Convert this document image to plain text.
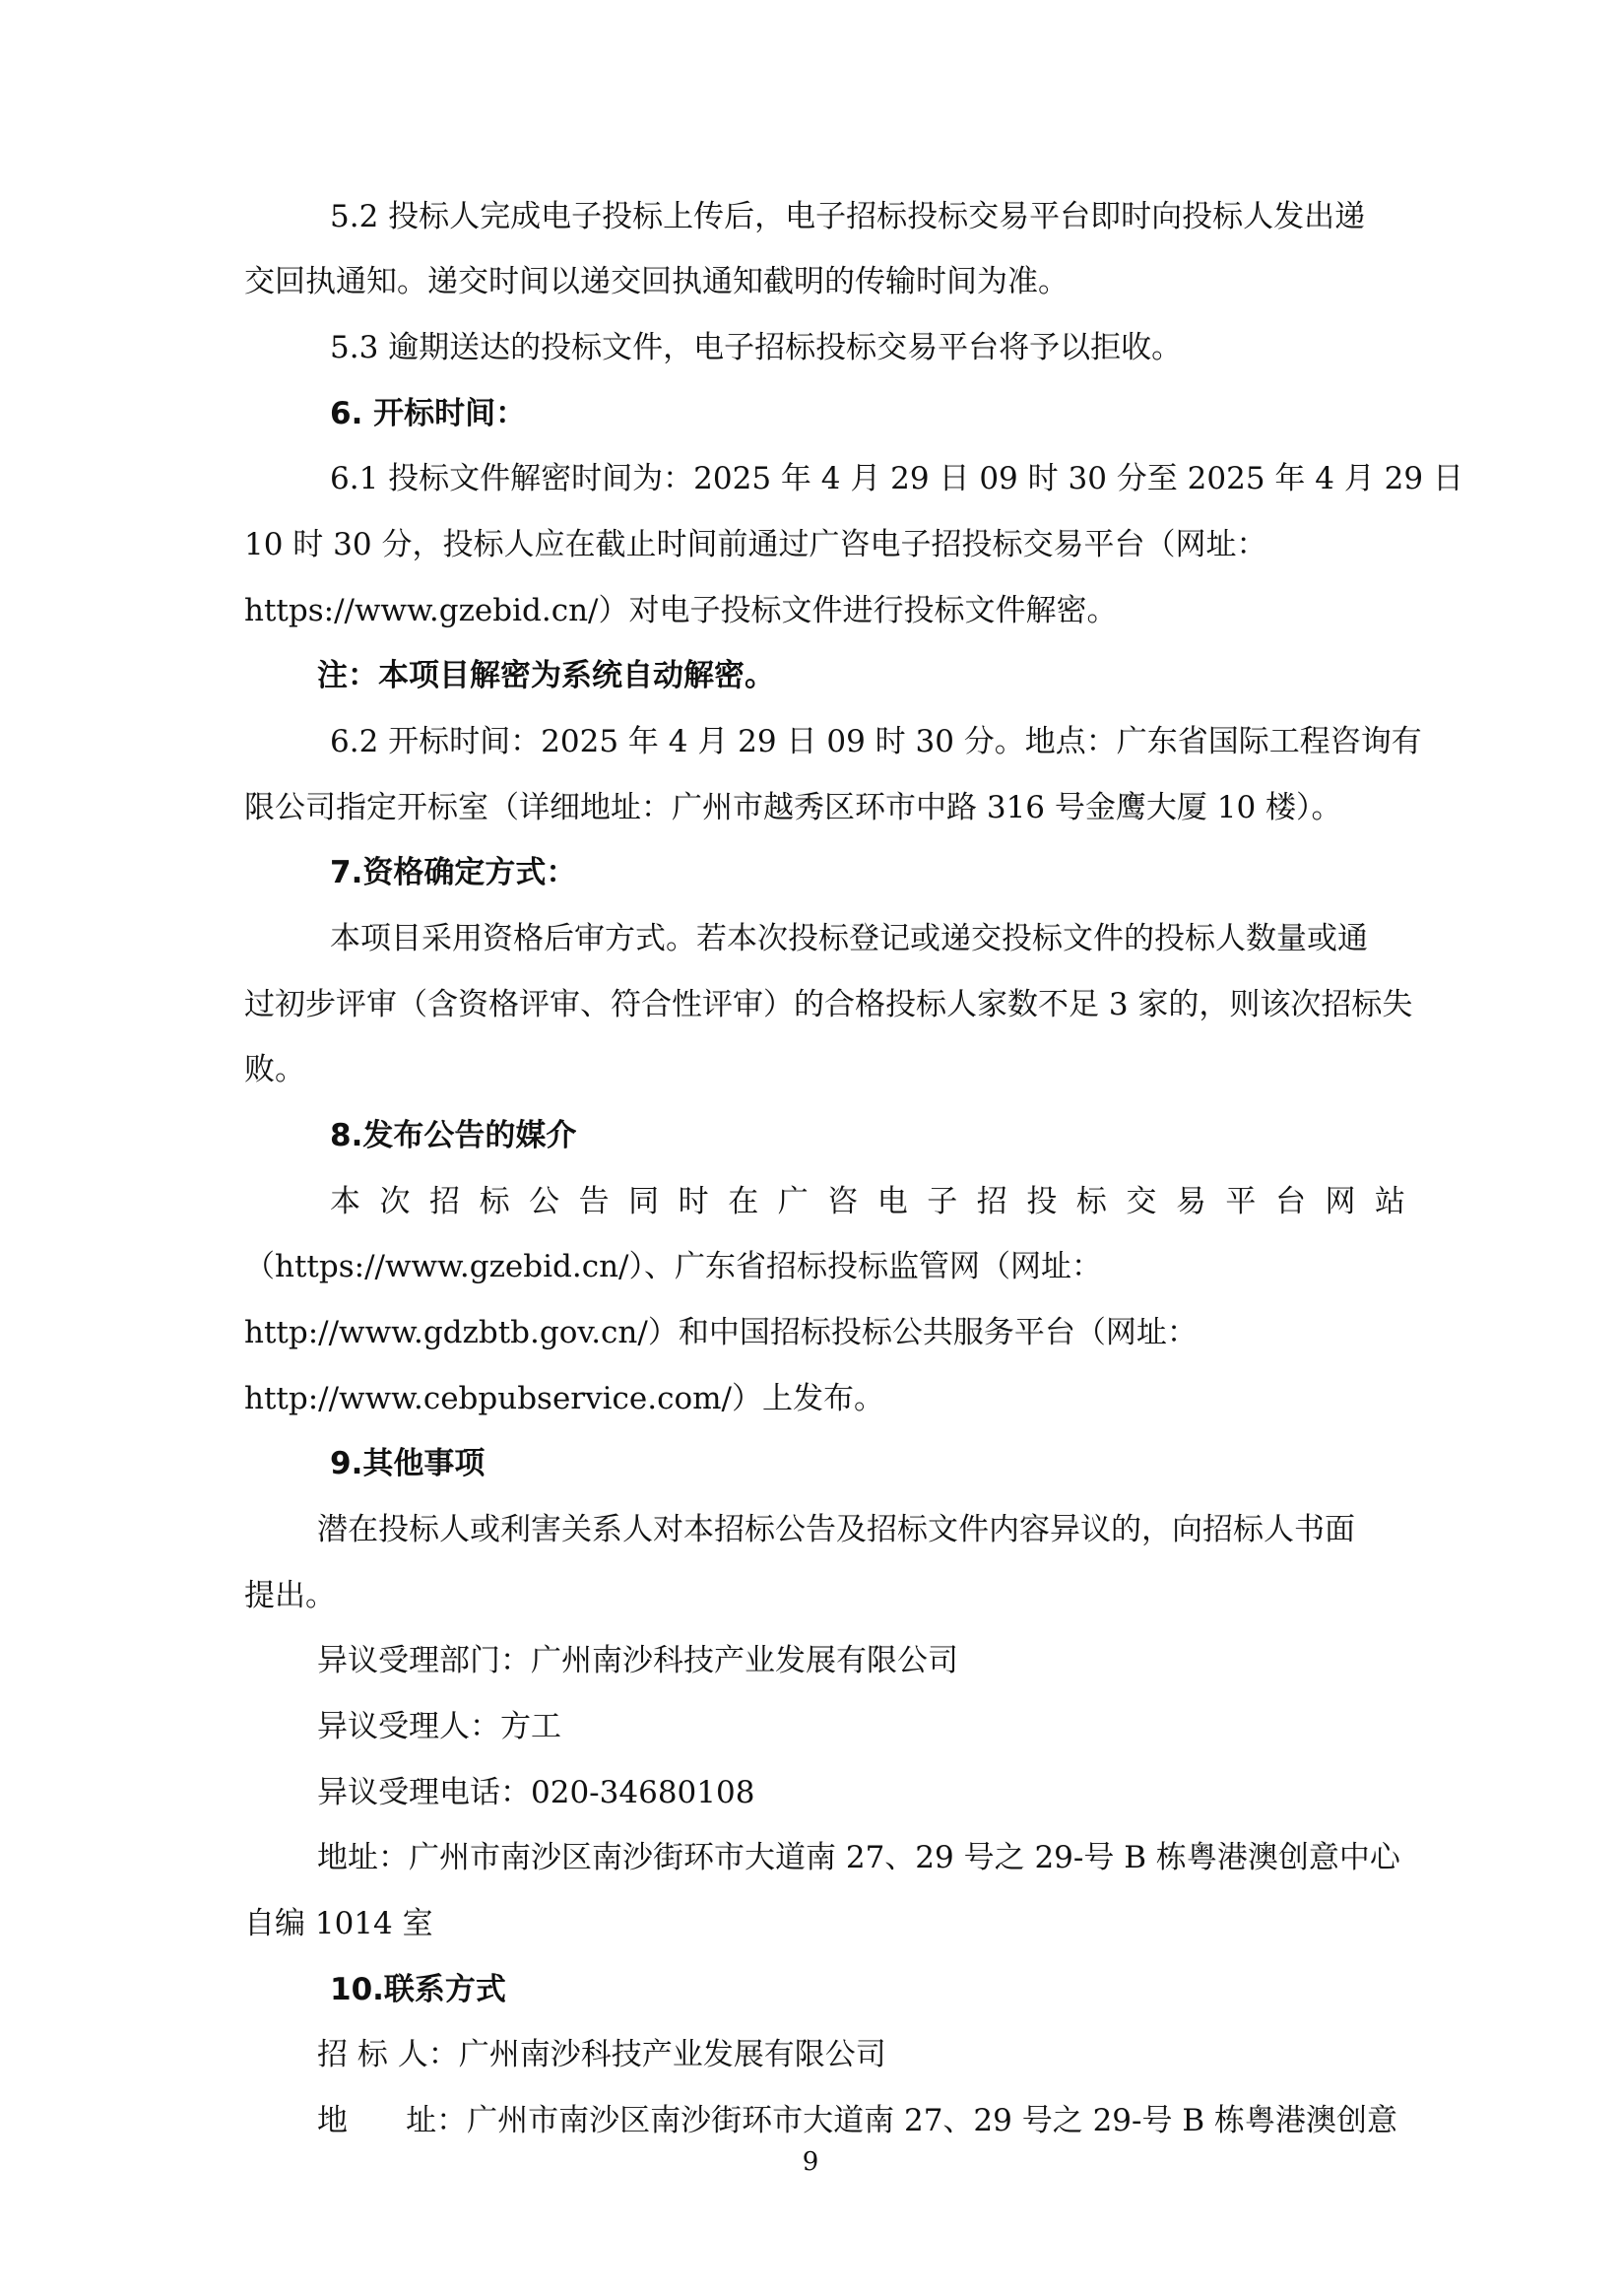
5.2 投标人完成电子投标上传后，电子招标投标交易平台即时向投标人发出递
交回执通知。递交时间以递交回执通知截明的传输时间为准。
5.3 逾期送达的投标文件，电子招标投标交易平台将予以拒收。
6. 开标时间：
6.1 投标文件解密时间为：2025 年 4 月 29 日 09 时 30 分至 2025 年 4 月 29 日
10 时 30 分，投标人应在截止时间前通过广咨电子招投标交易平台（网址：
https://www.gzebid.cn/）对电子投标文件进行投标文件解密。
注：本项目解密为系统自动解密。
6.2 开标时间：2025 年 4 月 29 日 09 时 30 分。地点：广东省国际工程咨询有
限公司指定开标室（详细地址：广州市越秀区环市中路 316 号金鹰大厦 10 楼）。
7.资格确定方式：
本项目采用资格后审方式。若本次投标登记或递交投标文件的投标人数量或通
过初步评审（含资格评审、符合性评审）的合格投标人家数不足 3 家的，则该次招标失
败。
8.发布公告的媒介
本次招标公告同时在广咨电子招投标交易平台网站
（https://www.gzebid.cn/）、广东省招标投标监管网（网址：
http://www.gdzbtb.gov.cn/）和中国招标投标公共服务平台（网址：
http://www.cebpubservice.com/）上发布。
9.其他事项
潜在投标人或利害关系人对本招标公告及招标文件内容异议的，向招标人书面
提出。
异议受理部门：广州南沙科技产业发展有限公司
异议受理人：方工
异议受理电话：020-34680108
地址：广州市南沙区南沙街环市大道南 27、29 号之 29-号 B 栋粤港澳创意中心
自编 1014 室
10.联系方式
招 标 人：广州南沙科技产业发展有限公司
地      址：广州市南沙区南沙街环市大道南 27、29 号之 29-号 B 栋粤港澳创意
9
